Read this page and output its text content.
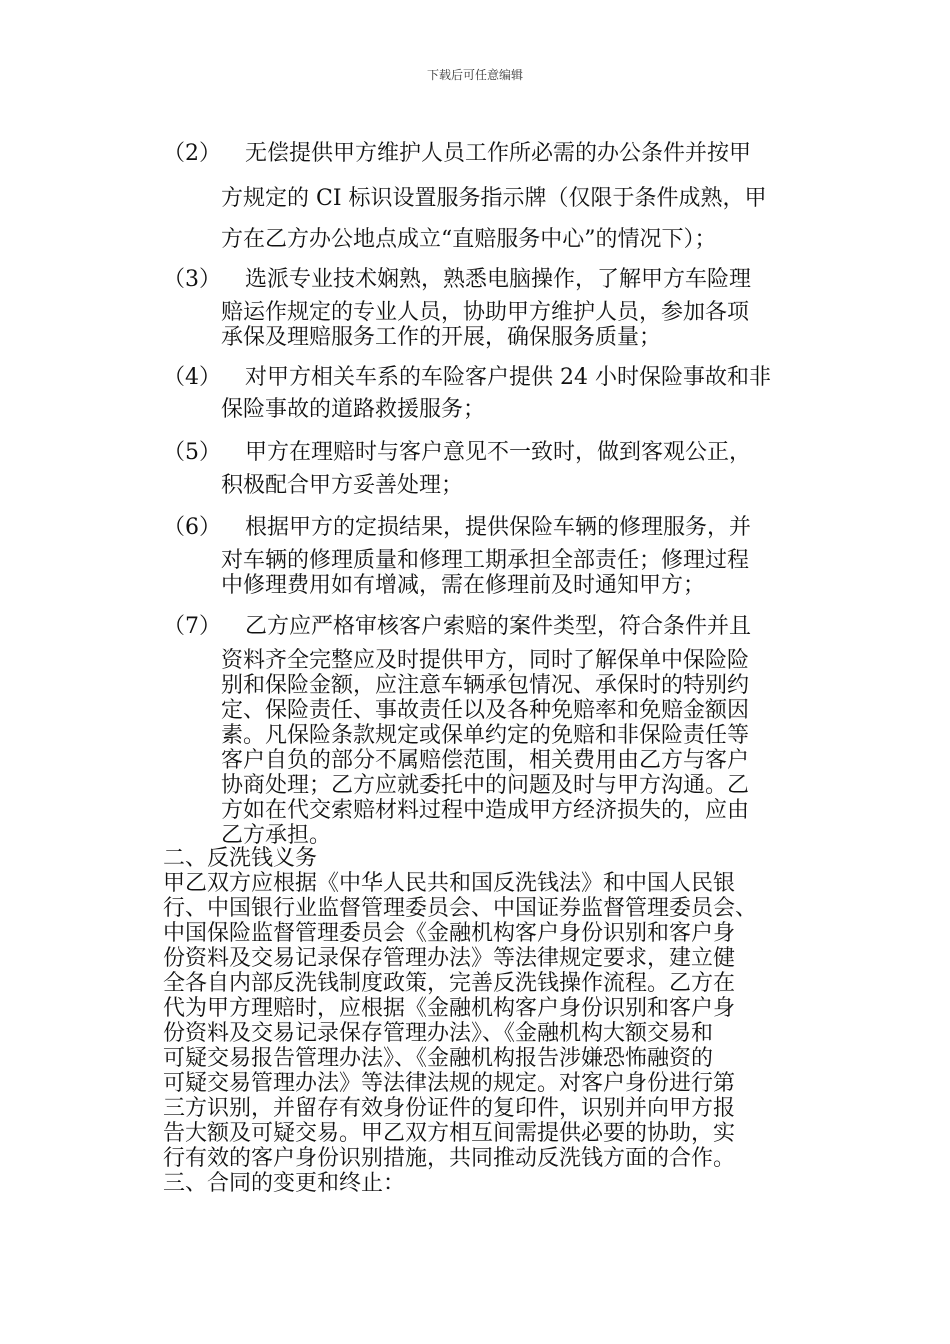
下载后可任意编辑
（2） 无偿提供甲方维护人员工作所必需的办公条件并按甲
方规定的 CI 标识设置服务指示牌（仅限于条件成熟，甲
方在乙方办公地点成立“直赔服务中心”的情况下）；
（3） 选派专业技术娴熟，熟悉电脑操作，了解甲方车险理
赔运作规定的专业人员，协助甲方维护人员，参加各项
承保及理赔服务工作的开展，确保服务质量；
（4） 对甲方相关车系的车险客户提供 24 小时保险事故和非
保险事故的道路救援服务；
（5） 甲方在理赔时与客户意见不一致时，做到客观公正，
积极配合甲方妥善处理；
（6） 根据甲方的定损结果，提供保险车辆的修理服务，并
对车辆的修理质量和修理工期承担全部责任；修理过程
中修理费用如有增减，需在修理前及时通知甲方；
（7） 乙方应严格审核客户索赔的案件类型，符合条件并且
资料齐全完整应及时提供甲方，同时了解保单中保险险
别和保险金额，应注意车辆承包情况、承保时的特别约
定、保险责任、事故责任以及各种免赔率和免赔金额因
素。凡保险条款规定或保单约定的免赔和非保险责任等
客户自负的部分不属赔偿范围，相关费用由乙方与客户
协商处理；乙方应就委托中的问题及时与甲方沟通。乙
方如在代交索赔材料过程中造成甲方经济损失的，应由
乙方承担。
二、反洗钱义务
甲乙双方应根据《中华人民共和国反洗钱法》和中国人民银
行、中国银行业监督管理委员会、中国证券监督管理委员会、
中国保险监督管理委员会《金融机构客户身份识别和客户身
份资料及交易记录保存管理办法》等法律规定要求，建立健
全各自内部反洗钱制度政策，完善反洗钱操作流程。乙方在
代为甲方理赔时，应根据《金融机构客户身份识别和客户身
份资料及交易记录保存管理办法》、《金融机构大额交易和
可疑交易报告管理办法》、《金融机构报告涉嫌恐怖融资的
可疑交易管理办法》等法律法规的规定。对客户身份进行第
三方识别，并留存有效身份证件的复印件，识别并向甲方报
告大额及可疑交易。甲乙双方相互间需提供必要的协助，实
行有效的客户身份识别措施，共同推动反洗钱方面的合作。
三、合同的变更和终止：
